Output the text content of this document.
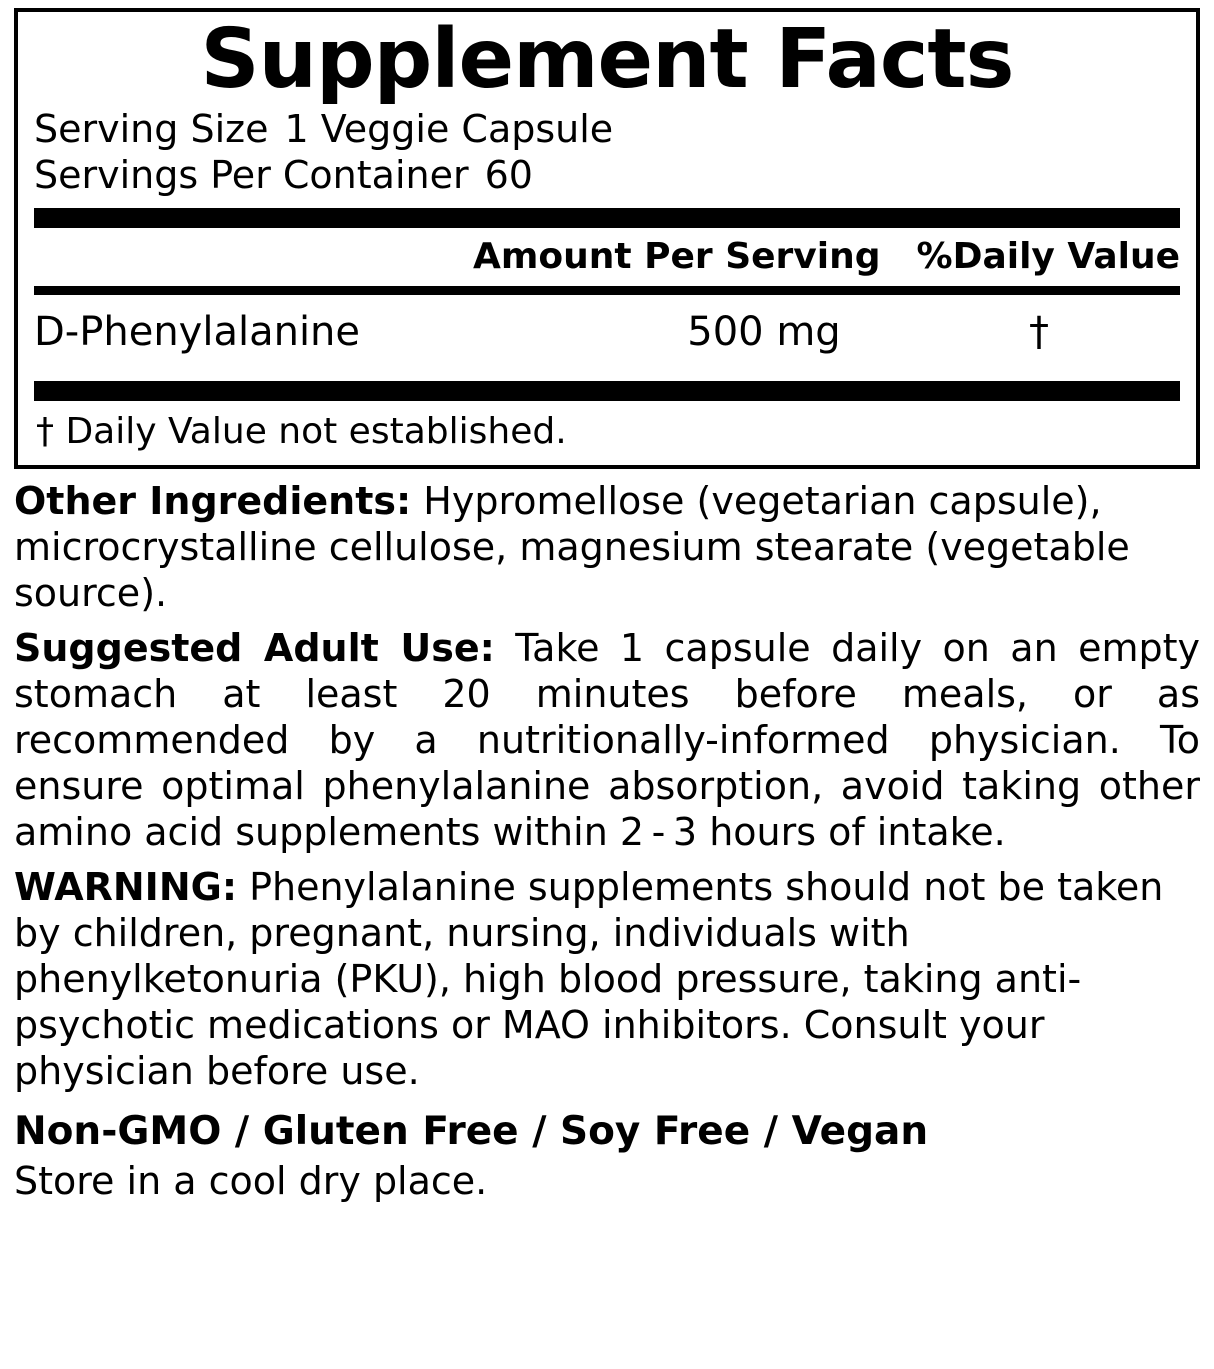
Supplement Facts
Serving Size 1 Veggie Capsule
Servings Per Container 60
Amount Per Serving %Daily Value
D-Phenylalanine	500 mg	†
† Daily Value not established.
Other Ingredients: Hypromellose (vegetarian capsule), microcrystalline cellulose, magnesium stearate (vegetable source).
Suggested Adult Use: Take 1 capsule daily on an empty stomach at least 20 minutes before meals, or as recommended by a nutritionally-informed physician. To ensure optimal phenylalanine absorption, avoid taking other amino acid supplements within 2 - 3 hours of intake.
WARNING: Phenylalanine supplements should not be taken by children, pregnant, nursing, individuals with phenylketonuria (PKU), high blood pressure, taking anti-psychotic medications or MAO inhibitors. Consult your physician before use.
Non-GMO / Gluten Free / Soy Free / Vegan
Store in a cool dry place.
